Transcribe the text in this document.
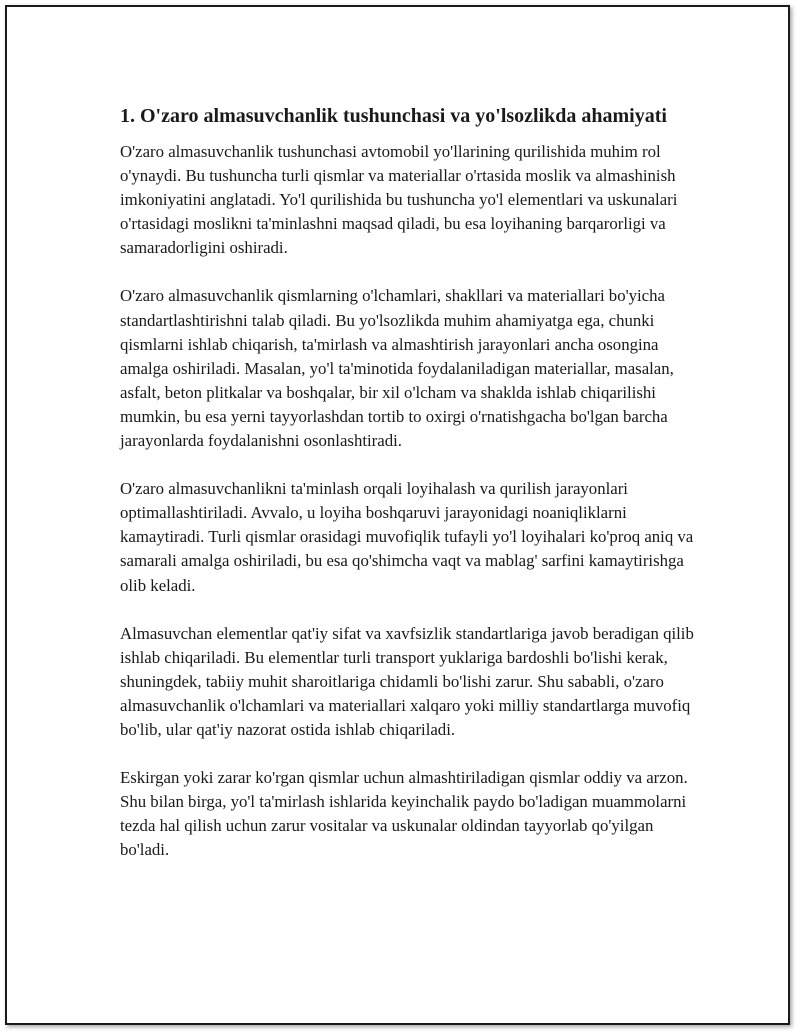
1. O'zaro almasuvchanlik tushunchasi va yo'lsozlikda ahamiyati

O'zaro almasuvchanlik tushunchasi avtomobil yo'llarining qurilishida muhim rol o'ynaydi. Bu tushuncha turli qismlar va materiallar o'rtasida moslik va almashinish imkoniyatini anglatadi. Yo'l qurilishida bu tushuncha yo'l elementlari va uskunalari o'rtasidagi moslikni ta'minlashni maqsad qiladi, bu esa loyihaning barqarorligi va samaradorligini oshiradi.

O'zaro almasuvchanlik qismlarning o'lchamlari, shakllari va materiallari bo'yicha standartlashtirishni talab qiladi. Bu yo'lsozlikda muhim ahamiyatga ega, chunki qismlarni ishlab chiqarish, ta'mirlash va almashtirish jarayonlari ancha osongina amalga oshiriladi. Masalan, yo'l ta'minotida foydalaniladigan materiallar, masalan, asfalt, beton plitkalar va boshqalar, bir xil o'lcham va shaklda ishlab chiqarilishi mumkin, bu esa yerni tayyorlashdan tortib to oxirgi o'rnatishgacha bo'lgan barcha jarayonlarda foydalanishni osonlashtiradi.

O'zaro almasuvchanlikni ta'minlash orqali loyihalash va qurilish jarayonlari optimallashtiriladi. Avvalo, u loyiha boshqaruvi jarayonidagi noaniqliklarni kamaytiradi. Turli qismlar orasidagi muvofiqlik tufayli yo'l loyihalari ko'proq aniq va samarali amalga oshiriladi, bu esa qo'shimcha vaqt va mablag' sarfini kamaytirishga olib keladi.

Almasuvchan elementlar qat'iy sifat va xavfsizlik standartlariga javob beradigan qilib ishlab chiqariladi. Bu elementlar turli transport yuklariga bardoshli bo'lishi kerak, shuningdek, tabiiy muhit sharoitlariga chidamli bo'lishi zarur. Shu sababli, o'zaro almasuvchanlik o'lchamlari va materiallari xalqaro yoki milliy standartlarga muvofiq bo'lib, ular qat'iy nazorat ostida ishlab chiqariladi.

Eskirgan yoki zarar ko'rgan qismlar uchun almashtiriladigan qismlar oddiy va arzon. Shu bilan birga, yo'l ta'mirlash ishlarida keyinchalik paydo bo'ladigan muammolarni tezda hal qilish uchun zarur vositalar va uskunalar oldindan tayyorlab qo'yilgan bo'ladi.
